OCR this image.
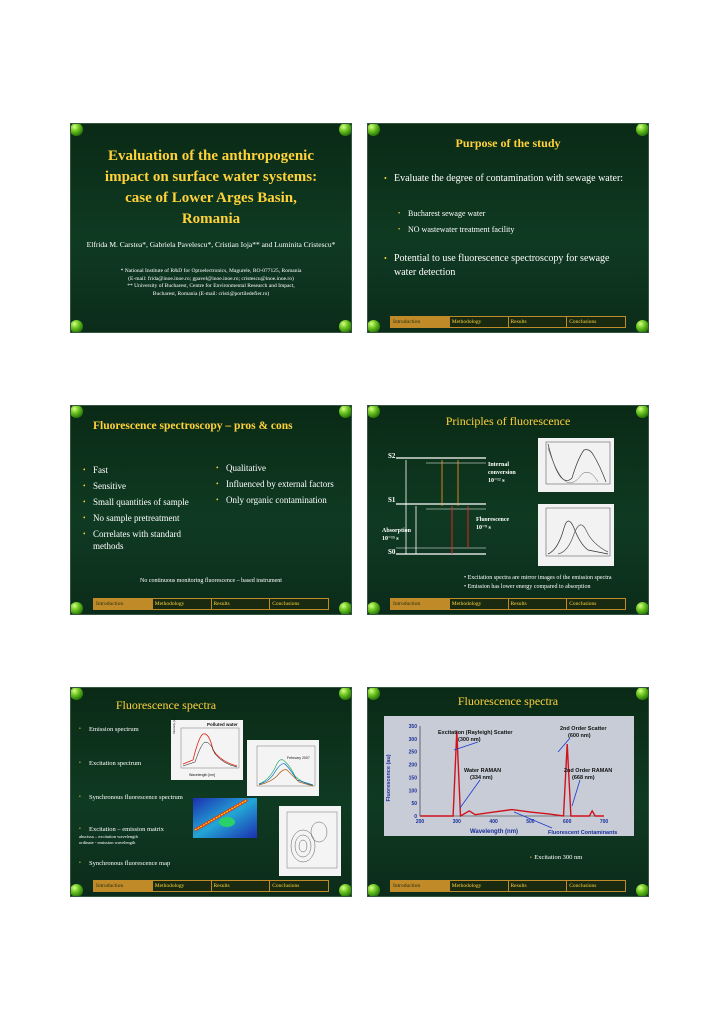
Evaluation of the anthropogenic
impact on surface water systems:
case of Lower Arges Basin,
Romania
Elfrida M. Carstea*, Gabriela Pavelescu*, Cristian Ioja** and Luminita Cristescu*
* National Institute of R&D for Optoelectronics, Magurele, RO-077125, Romania
(E-mail: frida@inoe.inoe.ro; gpavel@inoe.inoe.ro; cristescu@inoe.inoe.ro)
** University of Bucharest, Centre for Environmental Research and Impact,
Bucharest, Romania (E-mail: cristi@portiledefier.ro)
Purpose of the study
• Evaluate the degree of contamination with sewage water:
• Bucharest sewage water
• NO wastewater treatment facility
• Potential to use fluorescence spectroscopy for sewage water detection
Introduction	Methodology	Results	Conclusions
Fluorescence spectroscopy – pros & cons
• Fast
• Sensitive
• Small quantities of sample
• No sample pretreatment
• Correlates with standard methods
• Qualitative
• Influenced by external factors
• Only organic contamination
No continuous monitoring fluorescence – based instrument
Introduction	Methodology	Results	Conclusions
Principles of fluorescence
S2
S1
S0
Internal conversion
10⁻¹² s
Fluorescence
10⁻⁹ s
Absorption
10⁻¹⁵ s
• Excitation spectra are mirror images of the emission spectra
• Emission has lower energy compared to absorption
Introduction	Methodology	Results	Conclusions
Fluorescence spectra
• Emission spectrum
• Excitation spectrum
• Synchronous fluorescence spectrum
• Excitation – emission matrix
• Synchronous fluorescence map
abscissa – excitation wavelength
ordinate - emission wavelength
Polluted water
Wavelength [nm]
Intensity [a.u.]
February 2007
Introduction	Methodology	Results	Conclusions
Fluorescence spectra
0
50
100
150
200
250
300
350
200	300	400	500	600	700
Fluorescence (au)
Wavelength (nm)
Excitation (Rayleigh) Scatter
(300 nm)
2nd Order Scatter
(600 nm)
Water RAMAN
(334 nm)
2nd Order RAMAN
(668 nm)
Fluorescent Contaminants
•  Excitation 300 nm
Introduction	Methodology	Results	Conclusions
